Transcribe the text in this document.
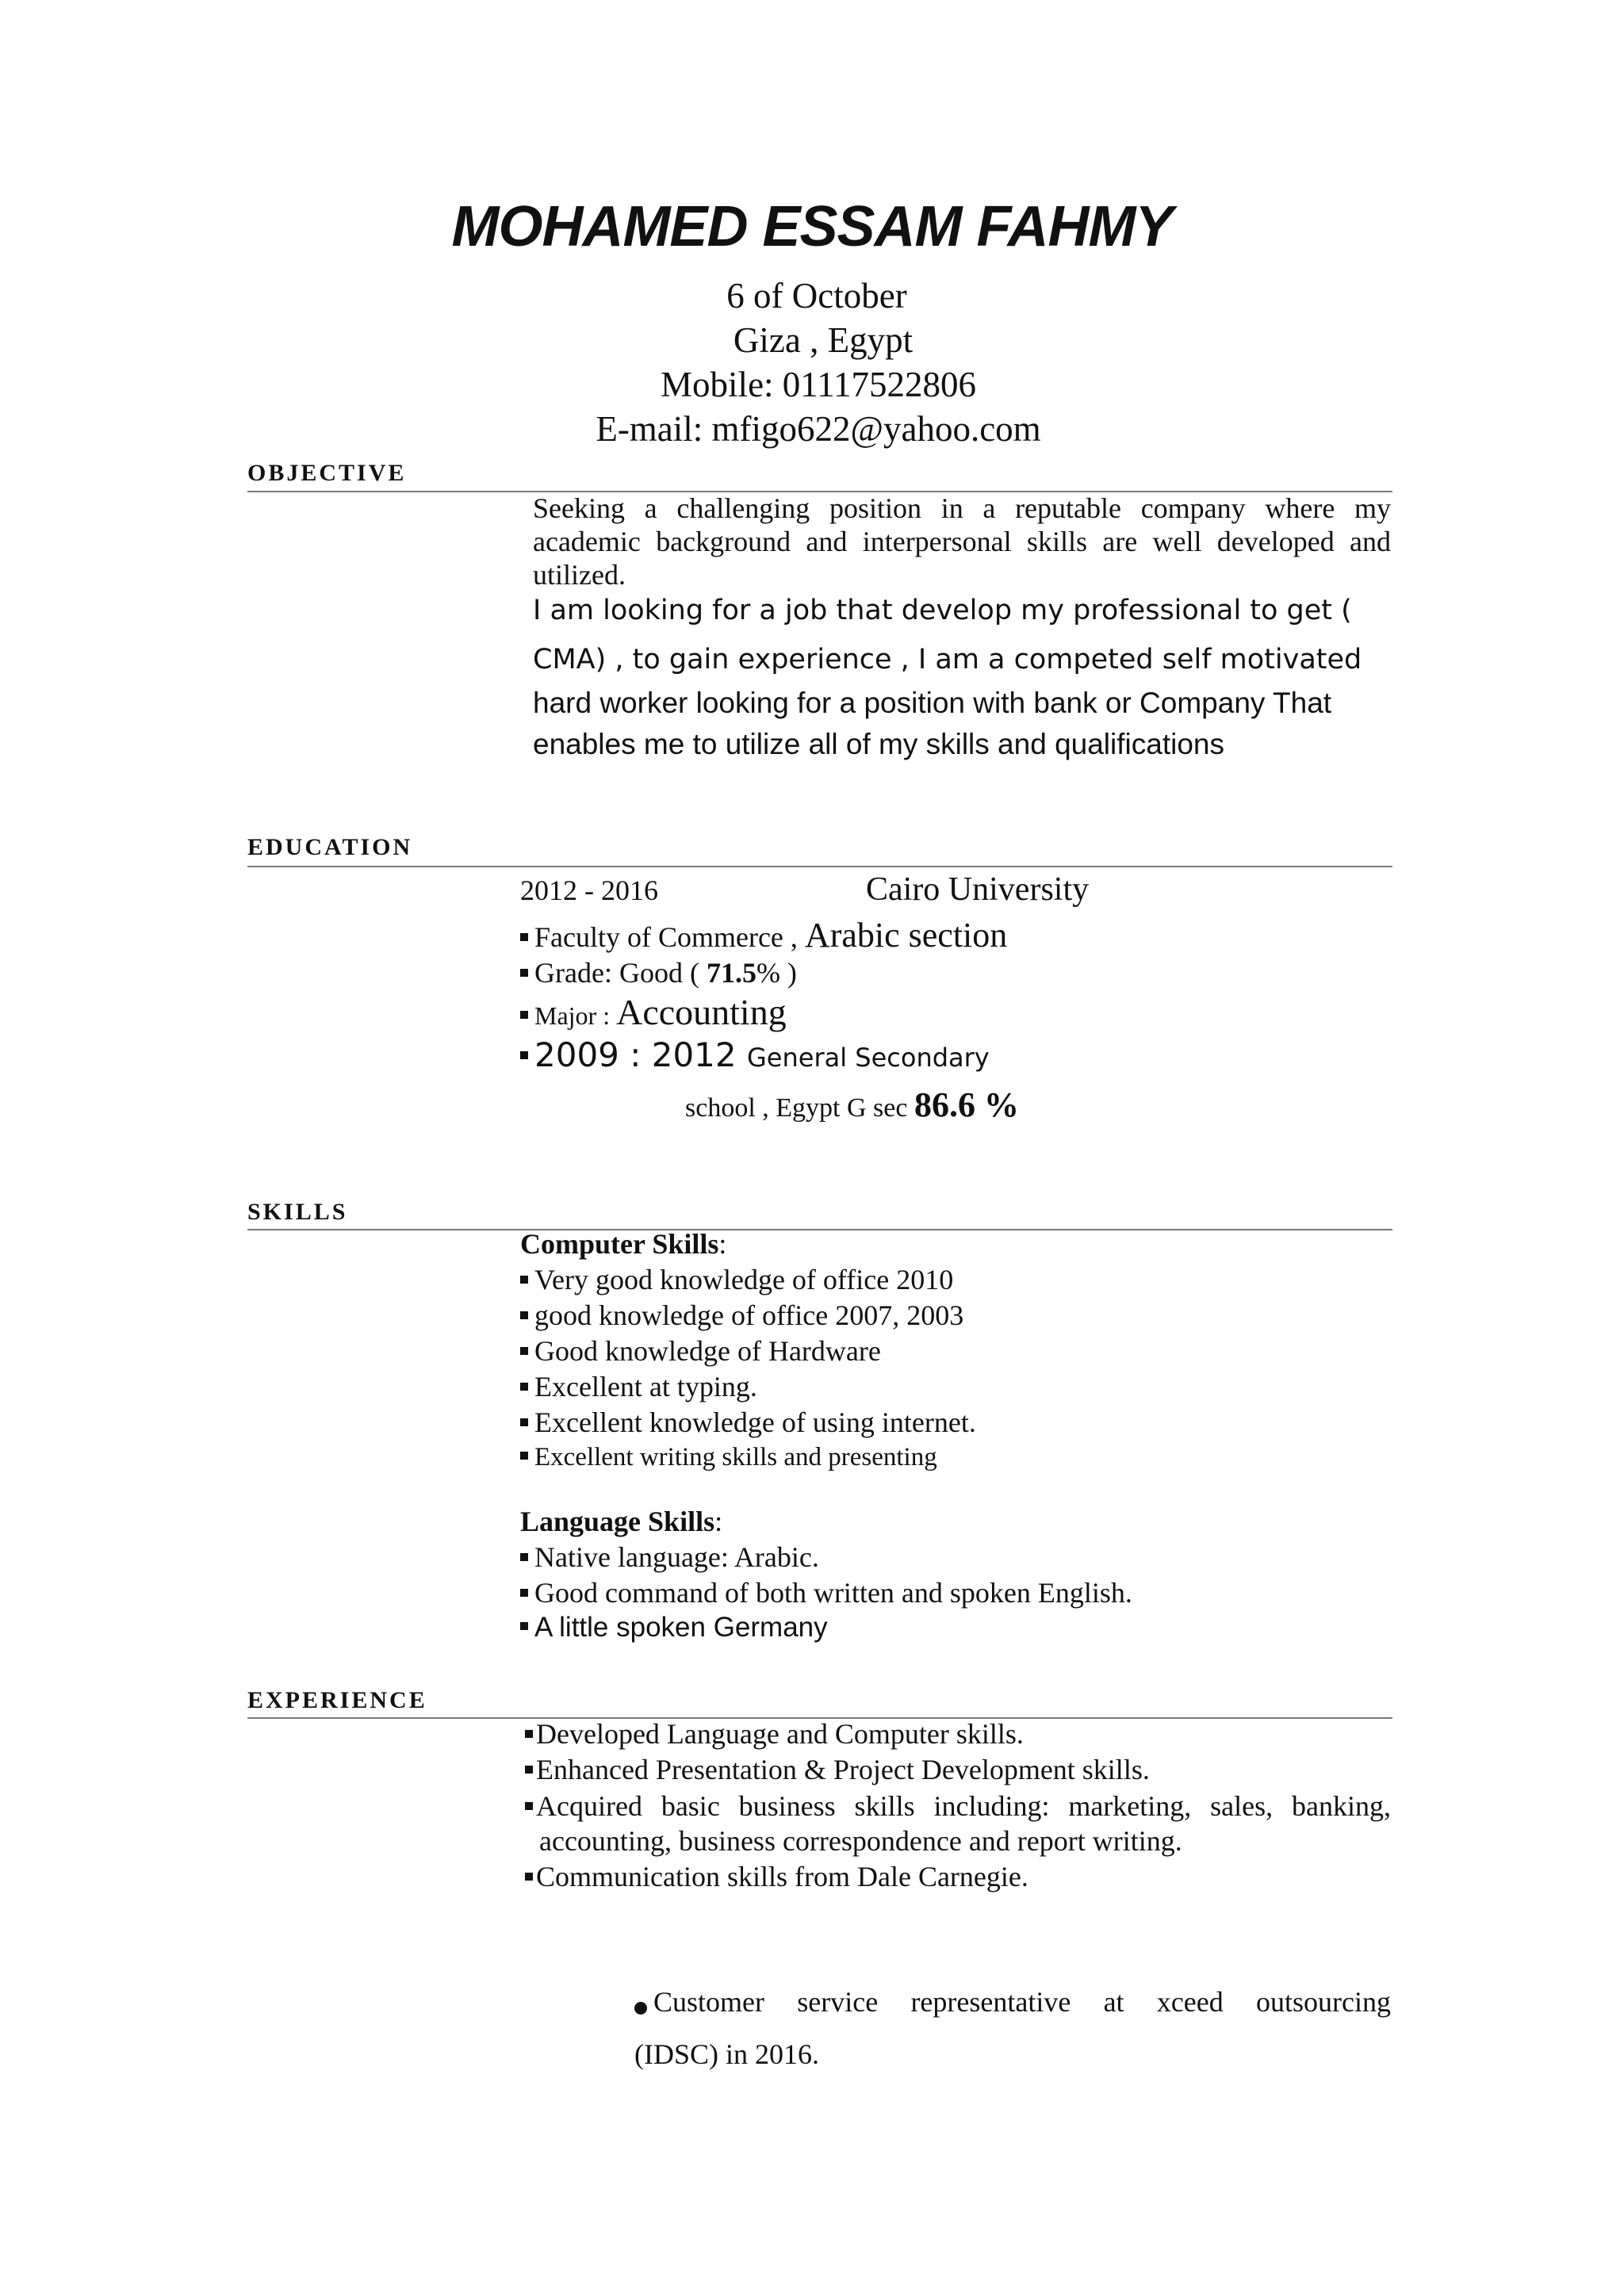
MOHAMED ESSAM FAHMY
6 of October
Giza , Egypt
Mobile: 01117522806
E-mail: mfigo622@yahoo.com
OBJECTIVE
Seeking a challenging position in a reputable company where my academic background and interpersonal skills are well developed and utilized.
I am looking for a job that develop my professional to get (
CMA) , to gain experience , I am a competed self motivated
hard worker looking for a position with bank or Company That
enables me to utilize all of my skills and qualifications
EDUCATION
2012 - 2016	Cairo University
Faculty of Commerce , Arabic section
Grade: Good ( 71.5% )
Major : Accounting
2009 : 2012 General Secondary
school , Egypt G sec 86.6 %
SKILLS
Computer Skills:
Very good knowledge of office 2010
good knowledge of office 2007, 2003
Good knowledge of Hardware
Excellent at typing.
Excellent knowledge of using internet.
Excellent writing skills and presenting
Language Skills:
Native language: Arabic.
Good command of both written and spoken English.
A little spoken Germany
EXPERIENCE
Developed Language and Computer skills.
Enhanced Presentation & Project Development skills.
Acquired basic business skills including: marketing, sales, banking,
accounting, business correspondence and report writing.
Communication skills from Dale Carnegie.
Customer service representative at xceed outsourcing
(IDSC) in 2016.
